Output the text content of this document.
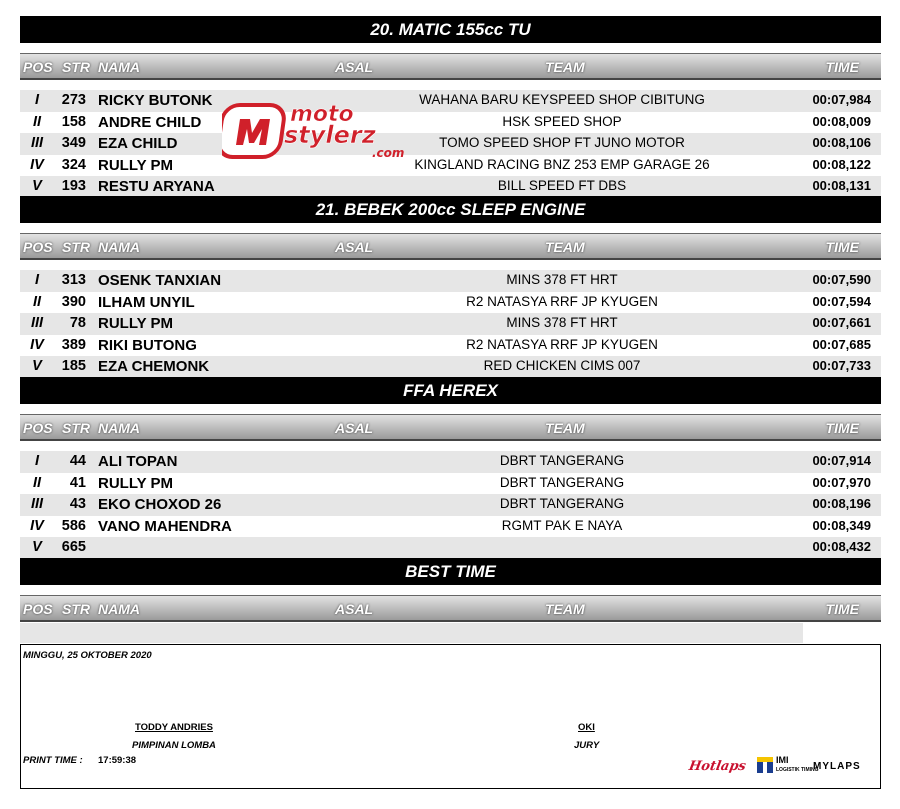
20. MATIC 155cc TU
POS STR NAMA	ASAL	TEAM	TIME
I	273 RICKY BUTONK	WAHANA BARU KEYSPEED SHOP CIBITUNG	00:07,984
II	158 ANDRE CHILD	HSK SPEED SHOP	00:08,009
III	349 EZA CHILD	TOMO SPEED SHOP FT JUNO MOTOR	00:08,106
IV	324 RULLY PM	KINGLAND RACING BNZ 253 EMP GARAGE 26	00:08,122
V	193 RESTU ARYANA	BILL SPEED FT DBS	00:08,131
21. BEBEK 200cc SLEEP ENGINE
POS STR NAMA	ASAL	TEAM	TIME
I	313 OSENK TANXIAN	MINS 378 FT HRT	00:07,590
II	390 ILHAM UNYIL	R2 NATASYA RRF JP KYUGEN	00:07,594
III	78 RULLY PM	MINS 378 FT HRT	00:07,661
IV	389 RIKI BUTONG	R2 NATASYA RRF JP KYUGEN	00:07,685
V	185 EZA CHEMONK	RED CHICKEN CIMS 007	00:07,733
FFA HEREX
POS STR NAMA	ASAL	TEAM	TIME
I	44 ALI TOPAN	DBRT TANGERANG	00:07,914
II	41 RULLY PM	DBRT TANGERANG	00:07,970
III	43 EKO CHOXOD 26	DBRT TANGERANG	00:08,196
IV	586 VANO MAHENDRA	RGMT PAK E NAYA	00:08,349
V	665	00:08,432
BEST TIME
POS STR NAMA	ASAL	TEAM	TIME
MINGGU, 25 OKTOBER 2020
TODDY ANDRIES
PIMPINAN LOMBA
OKI
JURY
PRINT TIME : 17:59:38	Hotlaps	IMI
LOGISTIK TIMING
MYLAPS
moto
stylerz
.com
